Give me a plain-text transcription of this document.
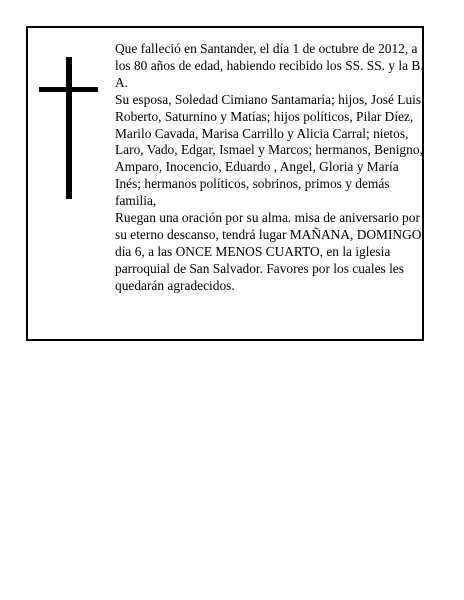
Que falleció en Santander, el día 1 de octubre de 2012, a los 80 años de edad, habiendo recibido los SS. SS. y la B. A.

Su esposa, Soledad Cimiano Santamaría; hijos, José Luis, Roberto, Saturnino y Matías; hijos políticos, Pilar Díez, Marilo Cavada, Marisa Carrillo y Alicia Carral; nietos, Laro, Vado, Edgar, Ismael y Marcos; hermanos, Benigno, Amparo, Inocencio, Eduardo , Angel, Gloria y María Inés; hermanos políticos, sobrinos, primos y demás familia,

Ruegan una oración por su alma. misa de aniversario por su eterno descanso, tendrá lugar MAÑANA, DOMINGO, día 6, a las ONCE MENOS CUARTO, en la iglesia parroquial de San Salvador. Favores por los cuales les quedarán agradecidos.
